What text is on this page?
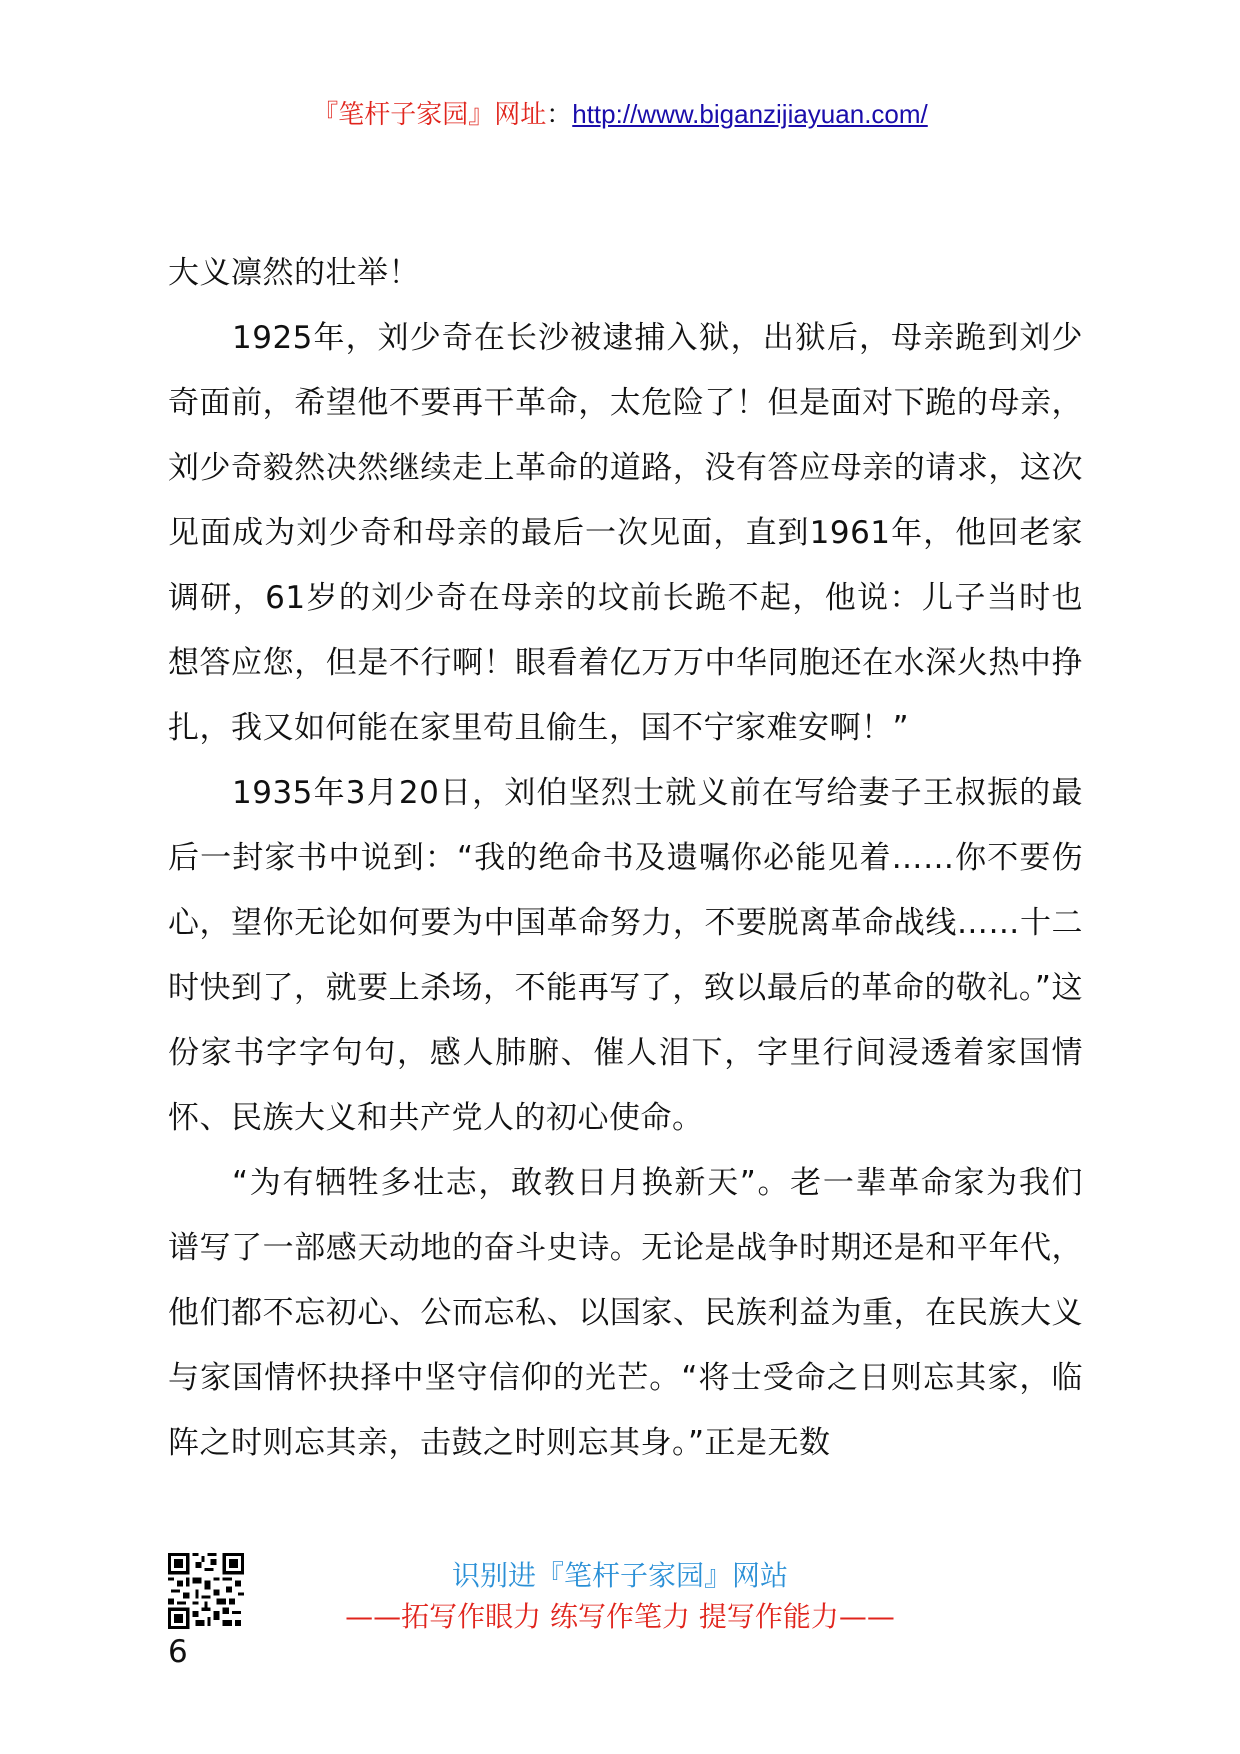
『笔杆子家园』网址：http://www.biganzijiayuan.com/

大义凛然的壮举！

1925年，刘少奇在长沙被逮捕入狱，出狱后，母亲跪到刘少奇面前，希望他不要再干革命，太危险了！但是面对下跪的母亲，刘少奇毅然决然继续走上革命的道路，没有答应母亲的请求，这次见面成为刘少奇和母亲的最后一次见面，直到1961年，他回老家调研，61岁的刘少奇在母亲的坟前长跪不起，他说：儿子当时也想答应您，但是不行啊！眼看着亿万万中华同胞还在水深火热中挣扎，我又如何能在家里苟且偷生，国不宁家难安啊！”

1935年3月20日，刘伯坚烈士就义前在写给妻子王叔振的最后一封家书中说到：“我的绝命书及遗嘱你必能见着……你不要伤心，望你无论如何要为中国革命努力，不要脱离革命战线……十二时快到了，就要上杀场，不能再写了，致以最后的革命的敬礼。”这份家书字字句句，感人肺腑、催人泪下，字里行间浸透着家国情怀、民族大义和共产党人的初心使命。

“为有牺牲多壮志，敢教日月换新天”。老一辈革命家为我们谱写了一部感天动地的奋斗史诗。无论是战争时期还是和平年代，他们都不忘初心、公而忘私、以国家、民族利益为重，在民族大义与家国情怀抉择中坚守信仰的光芒。“将士受命之日则忘其家，临阵之时则忘其亲，击鼓之时则忘其身。”正是无数

识别进『笔杆子家园』网站
——拓写作眼力 练写作笔力 提写作能力——
6
